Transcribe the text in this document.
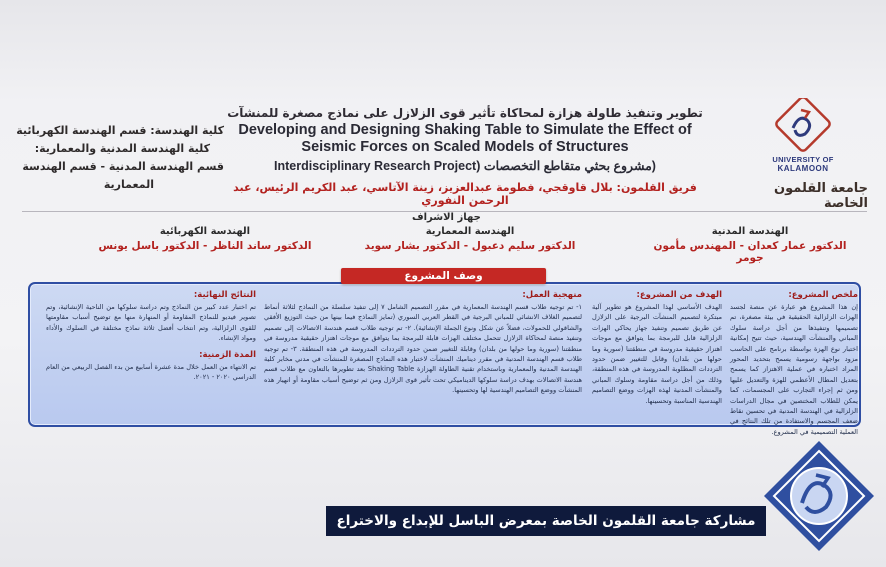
UNIVERSITY OF
KALAMOON
جامعة القلمون الخاصة
تطوير وتنفيذ طاولة هزازة لمحاكاة تأثير قوى الزلازل على نماذج مصغرة للمنشآت
Developing and Designing Shaking Table to Simulate the Effect of
Seismic Forces on Scaled Models of Structures
(مشروع بحثي متقاطع التخصصات (Interdisciplinary Research Project
فريق القلمون: بلال قاوقجي، فطومة عبدالعزيز، زينة الآتاسي، عبد الكريم الرئيس، عبد الرحمن النفوري
كلية الهندسة: قسم الهندسة الكهربائية
كلية الهندسة المدنية والمعمارية:
قسم الهندسة المدنية - قسم الهندسة
المعمارية
جهاز الاشراف
الهندسة المدنية
الدكتور عمار كعدان - المهندس مأمون جومر
الهندسة المعمارية
الدكتور سليم دعبول - الدكتور بشار سويد
الهندسة الكهربائية
الدكتور ساند الناظر - الدكتور باسل يونس
ملخص المشروع:

إن هذا المشروع هو عبارة عن منصة لجسد الهزات الزلزالية الحقيقية في بيئة مصغرة، تم تصميمها وتنفيذها من أجل دراسة سلوك المباني والمنشآت الهندسية، حيث تتيح إمكانية اختبار نوع الهزة بواسطة برنامج على الحاسب مزود بواجهة رسومية يسمح بتحديد المحور المراد اختباره في عملية الاهتزاز كما يسمح بتعديل المطال الأعظمي للهزة والتعديل عليها ومن ثم إجراء التجارب على المجسمات، كما يمكن للطلاب المختصين في مجال الدراسات الزلزالية في الهندسة المدنية في تحسين نقاط ضعف المجسم والاستفادة من تلك النتائج في العملية التصميمية في المشروع.

الهدف من المشروع:

الهدف الأساسي لهذا المشروع هو تطوير آلية مبتكرة لتصميم المنشآت البرجية على الزلازل عن طريق تصميم وتنفيذ جهاز يحاكي الهزات الزلزالية قابل للبرمجة بما يتوافق مع موجات اهتزاز حقيقية مدروسة في منطقتنا (سورية وما حولها من بلدان) وقابل للتغيير ضمن حدود الترددات المطلوبة المدروسة في هذه المنطقة، وذلك من أجل دراسة مقاومة وسلوك المباني والمنشآت المدنية لهذه الهزات ووضع التصاميم الهندسية المناسبة وتحسينها.

منهجية العمل:

١- تم توجيه طلاب قسم الهندسة المعمارية في مقرر التصميم الشامل ٧ إلى تنفيذ سلسلة من النماذج لثلاثة أنماط لتصميم الغلاف الانشائي للمباني البرجية في القطر العربي السوري (تمايز النماذج فيما بينها من حيث التوزيع الأفقي والشاقولي للحمولات، فضلاً عن شكل ونوع الجملة الإنشائية). ٢- تم توجيه طلاب قسم هندسة الاتصالات إلى تصميم وتنفيذ منصة لمحاكاة الزلازل تتحمل مختلف الهزات قابلة للبرمجة بما يتوافق مع موجات اهتزاز حقيقية مدروسة في منطقتنا (سورية وما حولها من بلدان) وقابلة للتغيير ضمن حدود الترددات المدروسة في هذه المنطقة. ٣- تم توجيه طلاب قسم الهندسة المدنية في مقرر ديناميك المنشآت لاختبار هذه النماذج المصغرة للمنشآت في مدني مخابر كلية الهندسة المدنية والمعمارية وباستخدام تقنية الطاولة الهزازة Shaking Table بعد تطويرها بالتعاون مع طلاب قسم هندسة الاتصالات بهدف دراسة سلوكها الديناميكي تحت تأثير قوى الزلازل ومن ثم توضيح أسباب مقاومة أو انهيار هذه المنشآت ووضع التصاميم الهندسية لها وتحسينها.

النتائج النهائية:

تم اختبار عدد كبير من النماذج وتم دراسة سلوكها من الناحية الإنشائية، وتم تصوير فيديو للنماذج المقاومة أو المنهارة منها مع توضيح أسباب مقاومتها للقوى الزلزالية، وتم انتخاب أفضل ثلاثة نماذج مختلفة في السلوك والأداء ومواد الإنشاء.

المدة الزمنية:

تم الانتهاء من العمل خلال مدة عشرة أسابيع من بدء الفصل الربيعي من العام الدراسي ٢٠٢٠ - ٢٠٢١.

وصف المشروع
مشاركة جامعة القلمون الخاصة بمعرض الباسل للإبداع والاختراع
